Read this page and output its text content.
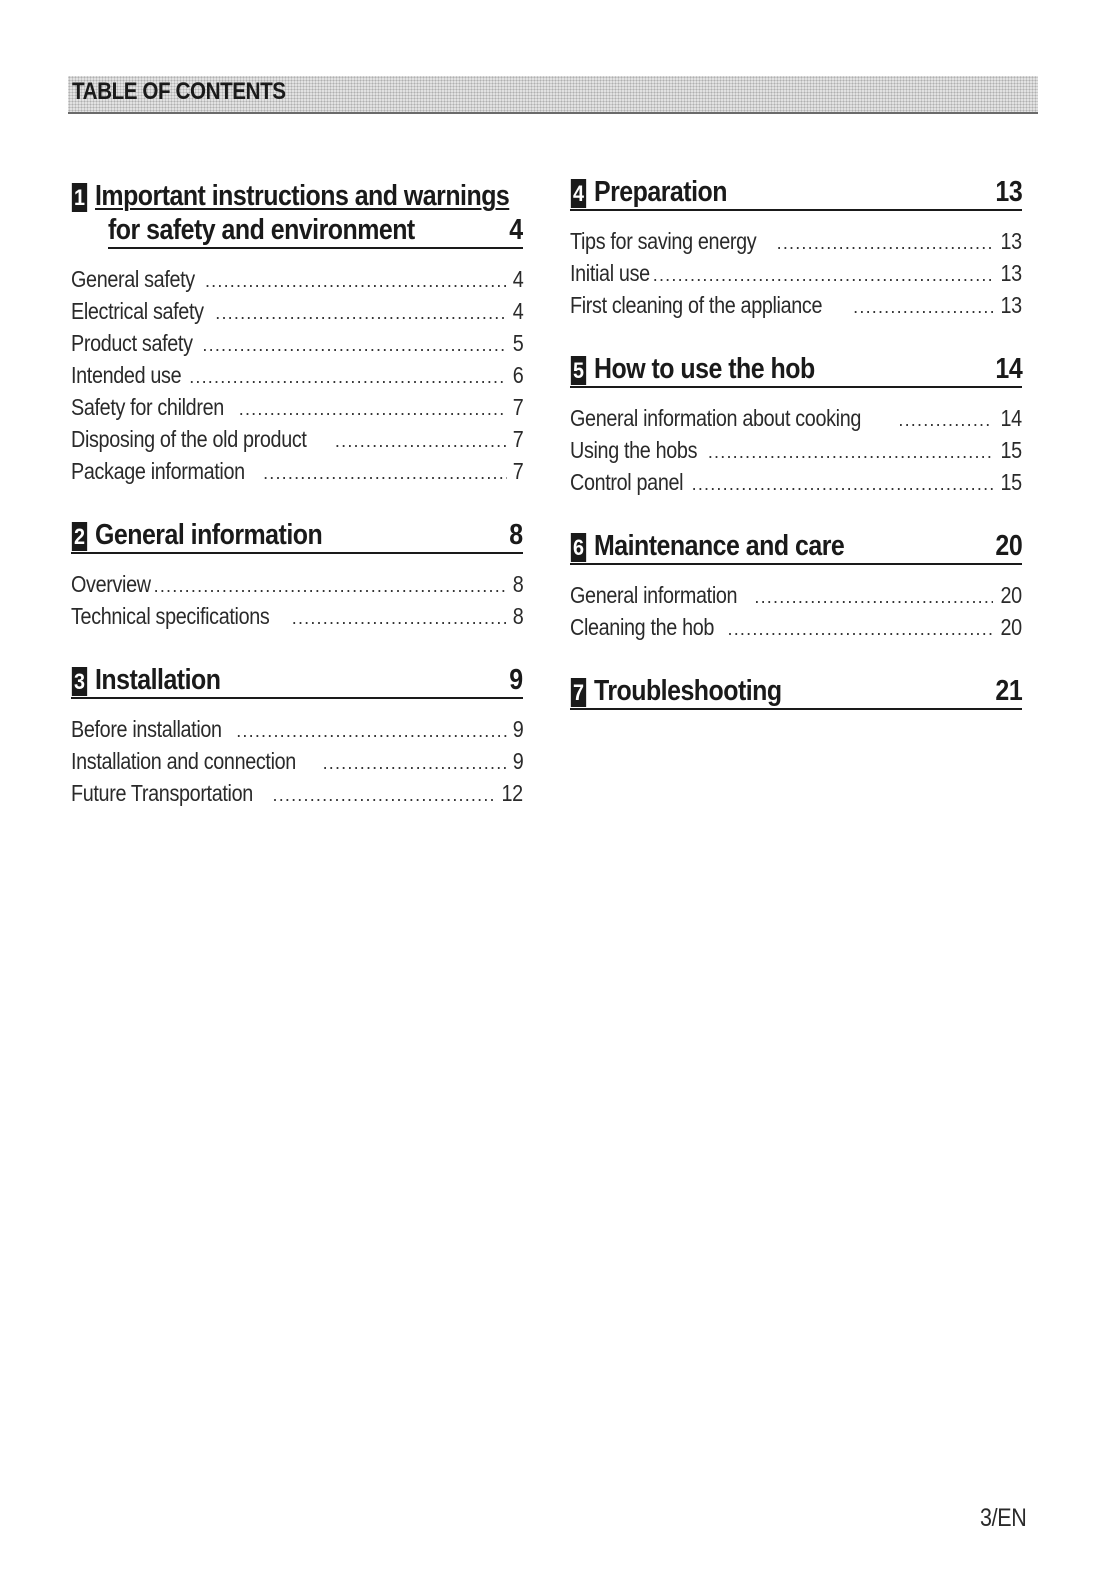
TABLE OF CONTENTS
1 Important instructions and warnings
for safety and environment	4
General safety .....	4
Electrical safety .....	4
Product safety .....	5
Intended use .....	6
Safety for children .....	7
Disposing of the old product .....	7
Package information .....	7
2 General information	8
Overview .....	8
Technical specifications .....	8
3 Installation	9
Before installation .....	9
Installation and connection .....	9
Future Transportation .....	12
4 Preparation	13
Tips for saving energy .....	13
Initial use .....	13
First cleaning of the appliance .....	13
5 How to use the hob	14
General information about cooking .....	14
Using the hobs .....	15
Control panel .....	15
6 Maintenance and care	20
General information .....	20
Cleaning the hob .....	20
7 Troubleshooting	21
3/EN
